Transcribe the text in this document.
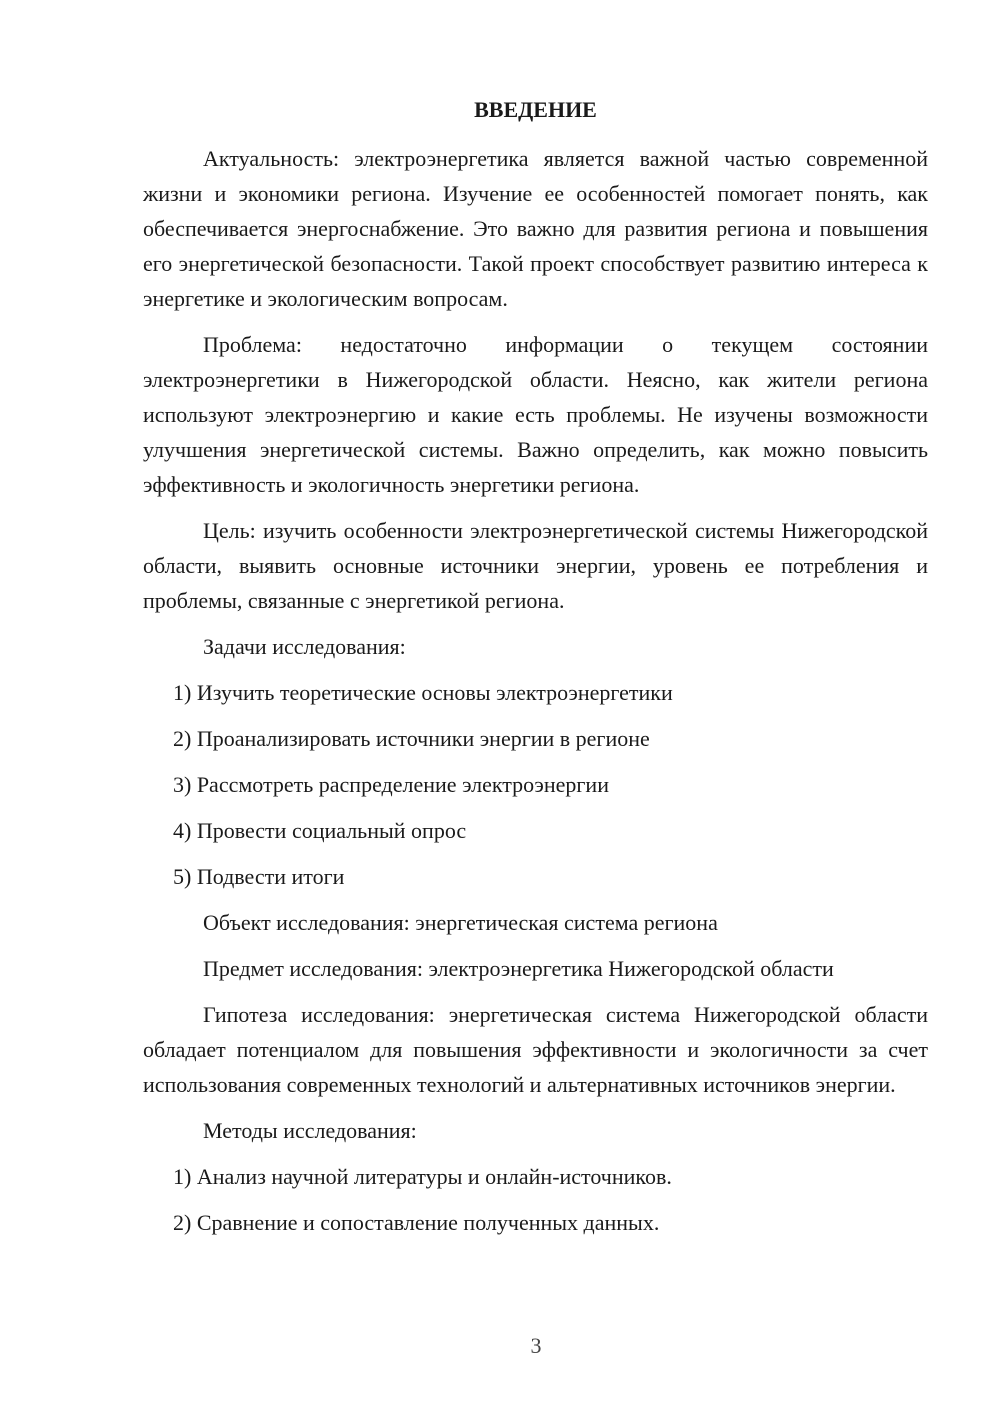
ВВЕДЕНИЕ
Актуальность: электроэнергетика является важной частью современной жизни и экономики региона. Изучение ее особенностей помогает понять, как обеспечивается энергоснабжение. Это важно для развития региона и повышения его энергетической безопасности. Такой проект способствует развитию интереса к энергетике и экологическим вопросам.
Проблема: недостаточно информации о текущем состоянии электроэнергетики в Нижегородской области. Неясно, как жители региона используют электроэнергию и какие есть проблемы. Не изучены возможности улучшения энергетической системы. Важно определить, как можно повысить эффективность и экологичность энергетики региона.
Цель: изучить особенности электроэнергетической системы Нижегородской области, выявить основные источники энергии, уровень ее потребления и проблемы, связанные с энергетикой региона.
Задачи исследования:
1) Изучить теоретические основы электроэнергетики
2) Проанализировать источники энергии в регионе
3) Рассмотреть распределение электроэнергии
4) Провести социальный опрос
5) Подвести итоги
Объект исследования: энергетическая система региона
Предмет исследования: электроэнергетика Нижегородской области
Гипотеза исследования: энергетическая система Нижегородской области обладает потенциалом для повышения эффективности и экологичности за счет использования современных технологий и альтернативных источников энергии.
Методы исследования:
1) Анализ научной литературы и онлайн-источников.
2) Сравнение и сопоставление полученных данных.
3
